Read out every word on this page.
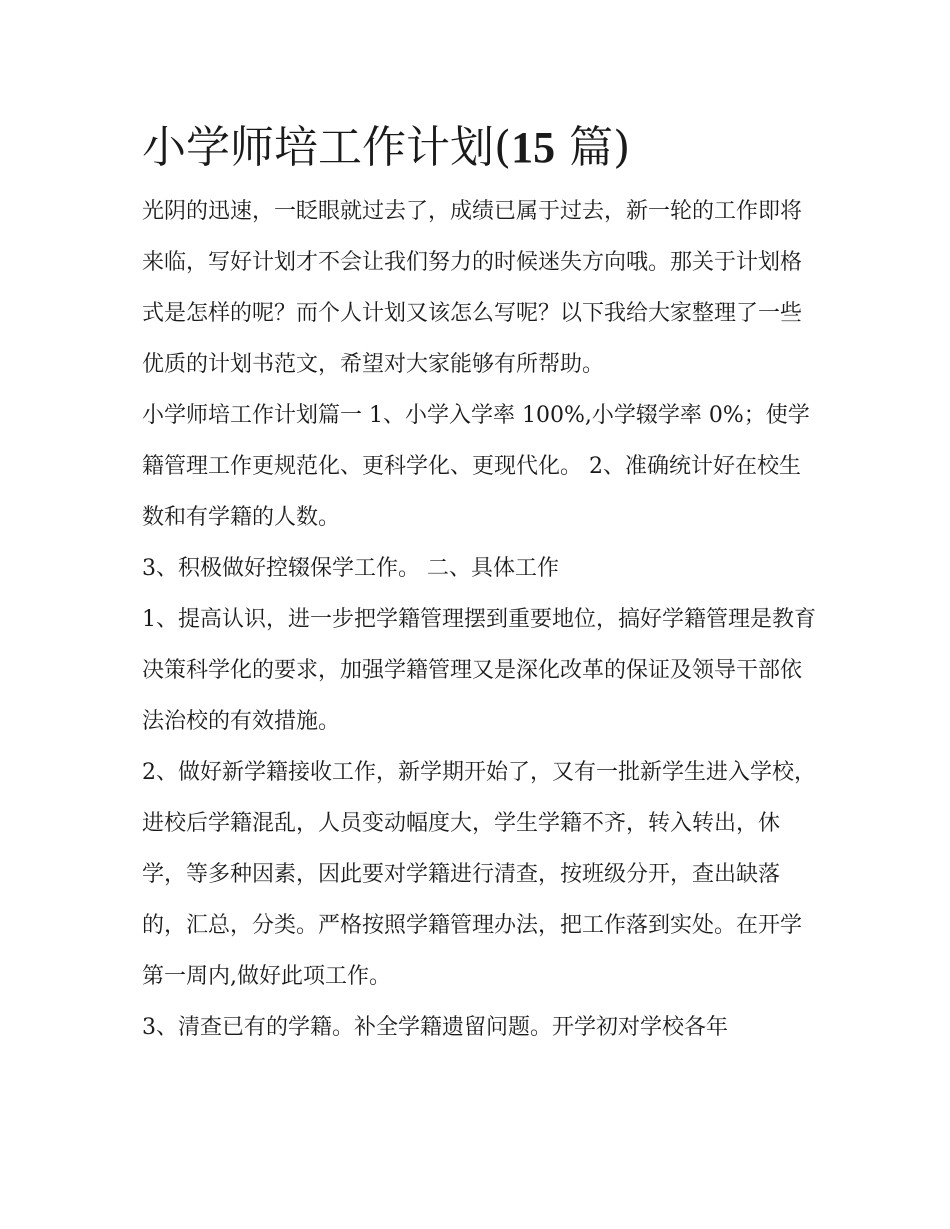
小学师培工作计划(15 篇)

光阴的迅速，一眨眼就过去了，成绩已属于过去，新一轮的工作即将来临，写好计划才不会让我们努力的时候迷失方向哦。那关于计划格式是怎样的呢？而个人计划又该怎么写呢？以下我给大家整理了一些优质的计划书范文，希望对大家能够有所帮助。

小学师培工作计划篇一 1、小学入学率 100%,小学辍学率 0%；使学籍管理工作更规范化、更科学化、更现代化。 2、准确统计好在校生数和有学籍的人数。

3、积极做好控辍保学工作。 二、具体工作

1、提高认识，进一步把学籍管理摆到重要地位，搞好学籍管理是教育决策科学化的要求，加强学籍管理又是深化改革的保证及领导干部依法治校的有效措施。

2、做好新学籍接收工作，新学期开始了，又有一批新学生进入学校，进校后学籍混乱，人员变动幅度大，学生学籍不齐，转入转出，休学，等多种因素，因此要对学籍进行清查，按班级分开，查出缺落的，汇总，分类。严格按照学籍管理办法，把工作落到实处。在开学第一周内,做好此项工作。

3、清查已有的学籍。补全学籍遗留问题。开学初对学校各年
